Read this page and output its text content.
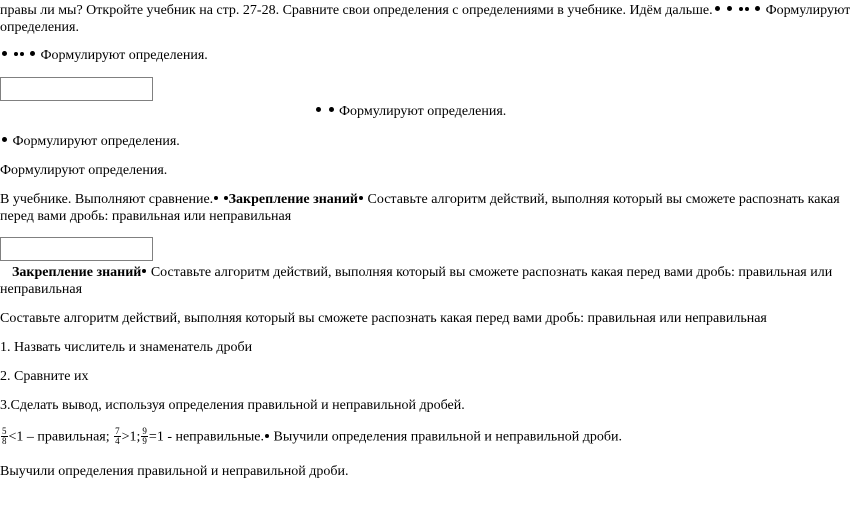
правы ли мы? Откройте учебник на стр. 27-28. Сравните свои определения с определениями в учебнике. Идём дальше.	Формулируют
определения.
Формулируют определения.
Формулируют определения.
Формулируют определения.
Формулируют определения.
В учебнике. Выполняют сравнение. Закрепление знаний Составьте алгоритм действий, выполняя который вы сможете распознать какая
перед вами дробь: правильная или неправильная
Закрепление знаний Составьте алгоритм действий, выполняя который вы сможете распознать какая перед вами дробь: правильная или
неправильная
Составьте алгоритм действий, выполняя который вы сможете распознать какая перед вами дробь: правильная или неправильная
1. Назвать числитель и знаменатель дроби
2. Сравните их
3.Сделать вывод, используя определения правильной и неправильной дробей.
$\frac{5}{8} <1$ – правильная; $\frac{7}{4} >1$; $\frac{9}{9} =1$ - неправильные. Выучили определения правильной и неправильной дроби.
Выучили определения правильной и неправильной дроби.
